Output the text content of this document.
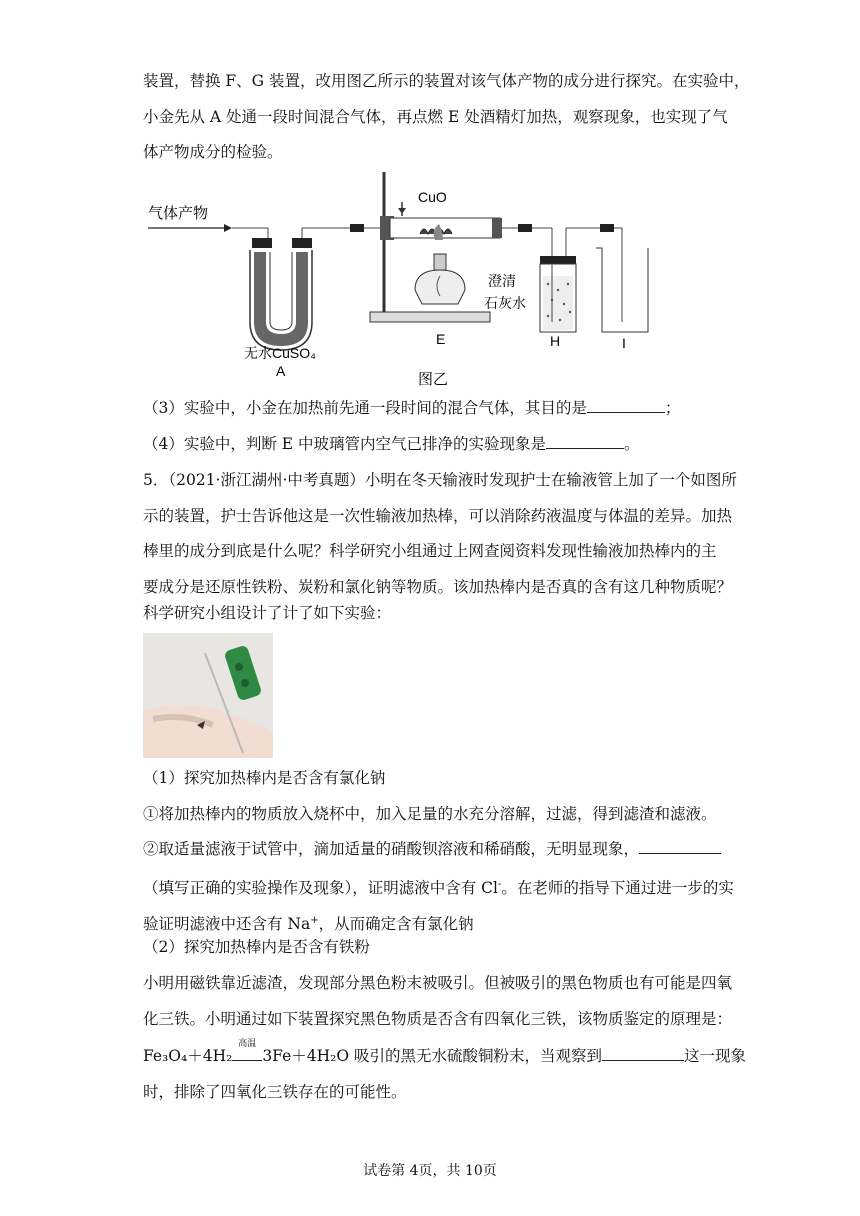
装置，替换 F、G 装置，改用图乙所示的装置对该气体产物的成分进行探究。在实验中，
小金先从 A 处通一段时间混合气体，再点燃 E 处酒精灯加热，观察现象，也实现了气
体产物成分的检验。
气体产物
无水CuSO₄
A
CuO
E
澄清
石灰水
H	I
图乙
（3）实验中，小金在加热前先通一段时间的混合气体，其目的是	；
（4）实验中，判断 E 中玻璃管内空气已排净的实验现象是	。
5．（2021·浙江湖州·中考真题）小明在冬天输液时发现护士在输液管上加了一个如图所
示的装置，护士告诉他这是一次性输液加热棒，可以消除药液温度与体温的差异。加热
棒里的成分到底是什么呢？科学研究小组通过上网查阅资料发现性输液加热棒内的主
要成分是还原性铁粉、炭粉和氯化钠等物质。该加热棒内是否真的含有这几种物质呢？
科学研究小组设计了计了如下实验：
（1）探究加热棒内是否含有氯化钠
①将加热棒内的物质放入烧杯中，加入足量的水充分溶解，过滤，得到滤渣和滤液。
②取适量滤液于试管中，滴加适量的硝酸钡溶液和稀硝酸，无明显现象，
（填写正确的实验操作及现象），证明滤液中含有 Cl-。在老师的指导下通过进一步的实
验证明滤液中还含有 Na+，从而确定含有氯化钠
（2）探究加热棒内是否含有铁粉
小明用磁铁靠近滤渣，发现部分黑色粉末被吸引。但被吸引的黑色物质也有可能是四氧
化三铁。小明通过如下装置探究黑色物质是否含有四氧化三铁，该物质鉴定的原理是：
Fe₃O₄＋4H₂
高温
3Fe＋4H₂O 吸引的黑无水硫酸铜粉末，当观察到	这一现象
时，排除了四氧化三铁存在的可能性。
试卷第 4页，共 10页
